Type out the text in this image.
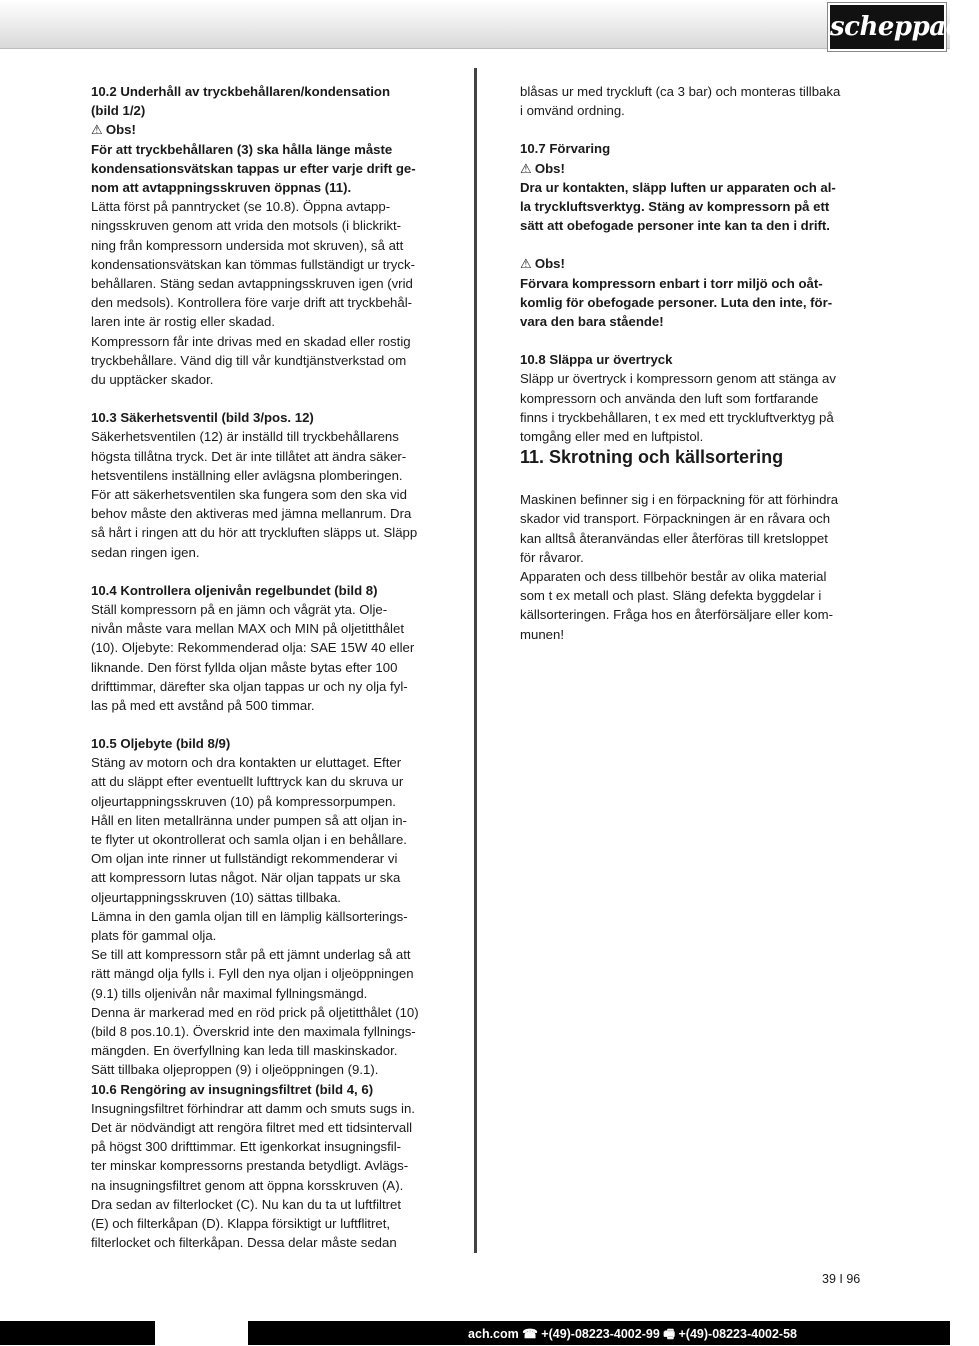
scheppach

10.2 Underhåll av tryckbehållaren/kondensation

(bild 1/2)

⚠ Obs!

För att tryckbehållaren (3) ska hålla länge måste

kondensationsvätskan tappas ur efter varje drift ge-

nom att avtappningsskruven öppnas (11).

Lätta först på panntrycket (se 10.8). Öppna avtapp-

ningsskruven genom att vrida den motsols (i blickrikt-

ning från kompressorn undersida mot skruven), så att

kondensationsvätskan kan tömmas fullständigt ur tryck-

behållaren. Stäng sedan avtappningsskruven igen (vrid

den medsols). Kontrollera före varje drift att tryckbehål-

laren inte är rostig eller skadad.

Kompressorn får inte drivas med en skadad eller rostig

tryckbehållare. Vänd dig till vår kundtjänstverkstad om

du upptäcker skador.

10.3 Säkerhetsventil (bild 3/pos. 12)

Säkerhetsventilen (12) är inställd till tryckbehållarens

högsta tillåtna tryck. Det är inte tillåtet att ändra säker-

hetsventilens inställning eller avlägsna plomberingen.

För att säkerhetsventilen ska fungera som den ska vid

behov måste den aktiveras med jämna mellanrum. Dra

så hårt i ringen att du hör att tryckluften släpps ut. Släpp

sedan ringen igen.

10.4 Kontrollera oljenivån regelbundet (bild 8)

Ställ kompressorn på en jämn och vågrät yta. Olje-

nivån måste vara mellan MAX och MIN på oljetitthålet

(10). Oljebyte: Rekommenderad olja: SAE 15W 40 eller

liknande. Den först fyllda oljan måste bytas efter 100

drifttimmar, därefter ska oljan tappas ur och ny olja fyl-

las på med ett avstånd på 500 timmar.

10.5 Oljebyte (bild 8/9)

Stäng av motorn och dra kontakten ur eluttaget. Efter

att du släppt efter eventuellt lufttryck kan du skruva ur

oljeurtappningsskruven (10) på kompressorpumpen.

Håll en liten metallränna under pumpen så att oljan in-

te flyter ut okontrollerat och samla oljan i en behållare.

Om oljan inte rinner ut fullständigt rekommenderar vi

att kompressorn lutas något. När oljan tappats ur ska

oljeurtappningsskruven (10) sättas tillbaka.

Lämna in den gamla oljan till en lämplig källsorterings-

plats för gammal olja.

Se till att kompressorn står på ett jämnt underlag så att

rätt mängd olja fylls i. Fyll den nya oljan i oljeöppningen

(9.1) tills oljenivån når maximal fyllningsmängd.

Denna är markerad med en röd prick på oljetitthålet (10)

(bild 8 pos.10.1). Överskrid inte den maximala fyllnings-

mängden. En överfyllning kan leda till maskinskador.

Sätt tillbaka oljeproppen (9) i oljeöppningen (9.1).

10.6 Rengöring av insugningsfiltret (bild 4, 6)

Insugningsfiltret förhindrar att damm och smuts sugs in.

Det är nödvändigt att rengöra filtret med ett tidsintervall

på högst 300 drifttimmar. Ett igenkorkat insugningsfil-

ter minskar kompressorns prestanda betydligt. Avlägs-

na insugningsfiltret genom att öppna korsskruven (A).

Dra sedan av filterlocket (C). Nu kan du ta ut luftfiltret

(E) och filterkåpan (D). Klappa försiktigt ur luftflitret,

filterlocket och filterkåpan. Dessa delar måste sedan

blåsas ur med tryckluft (ca 3 bar) och monteras tillbaka

i omvänd ordning.

10.7 Förvaring

⚠ Obs!

Dra ur kontakten, släpp luften ur apparaten och al-

la tryckluftsverktyg. Stäng av kompressorn på ett

sätt att obefogade personer inte kan ta den i drift.

⚠ Obs!

Förvara kompressorn enbart i torr miljö och oåt-

komlig för obefogade personer. Luta den inte, för-

vara den bara stående!

10.8 Släppa ur övertryck

Släpp ur övertryck i kompressorn genom att stänga av

kompressorn och använda den luft som fortfarande

finns i tryckbehållaren, t ex med ett tryckluftverktyg på

tomgång eller med en luftpistol.

11. Skrotning och källsortering

Maskinen befinner sig i en förpackning för att förhindra

skador vid transport. Förpackningen är en råvara och

kan alltså återanvändas eller återföras till kretsloppet

för råvaror.

Apparaten och dess tillbehör består av olika material

som t ex metall och plast. Släng defekta byggdelar i

källsorteringen. Fråga hos en återförsäljare eller kom-

munen!

39 I 96
ach.com ☎ +(49)-08223-4002-99 🖷 +(49)-08223-4002-58
